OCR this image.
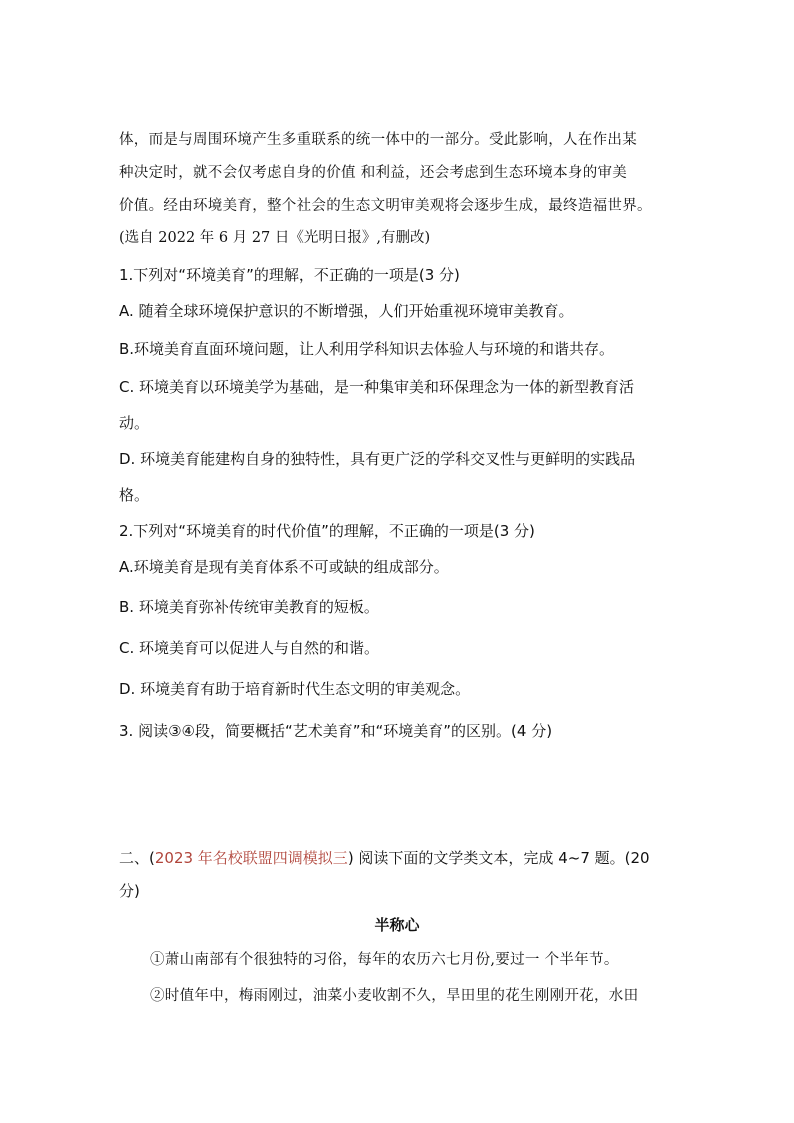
体，而是与周围环境产生多重联系的统一体中的一部分。受此影响，人在作出某
种决定时，就不会仅考虑自身的价值 和利益，还会考虑到生态环境本身的审美
价值。经由环境美育，整个社会的生态文明审美观将会逐步生成，最终造福世界。
(选自 2022 年 6 月 27 日《光明日报》,有删改)
1.下列对“环境美育”的理解，不正确的一项是(3 分)
A. 随着全球环境保护意识的不断增强，人们开始重视环境审美教育。
B.环境美育直面环境问题，让人利用学科知识去体验人与环境的和谐共存。
C. 环境美育以环境美学为基础，是一种集审美和环保理念为一体的新型教育活
动。
D. 环境美育能建构自身的独特性，具有更广泛的学科交叉性与更鲜明的实践品
格。
2.下列对“环境美育的时代价值”的理解，不正确的一项是(3 分)
A.环境美育是现有美育体系不可或缺的组成部分。
B. 环境美育弥补传统审美教育的短板。
C. 环境美育可以促进人与自然的和谐。
D. 环境美育有助于培育新时代生态文明的审美观念。
3. 阅读③④段，简要概括“艺术美育”和“环境美育”的区别。(4 分)
二、(2023 年名校联盟四调模拟三) 阅读下面的文学类文本，完成 4~7 题。(20
分)
半称心
①萧山南部有个很独特的习俗，每年的农历六七月份,要过一 个半年节。
②时值年中，梅雨刚过，油菜小麦收割不久，旱田里的花生刚刚开花，水田
